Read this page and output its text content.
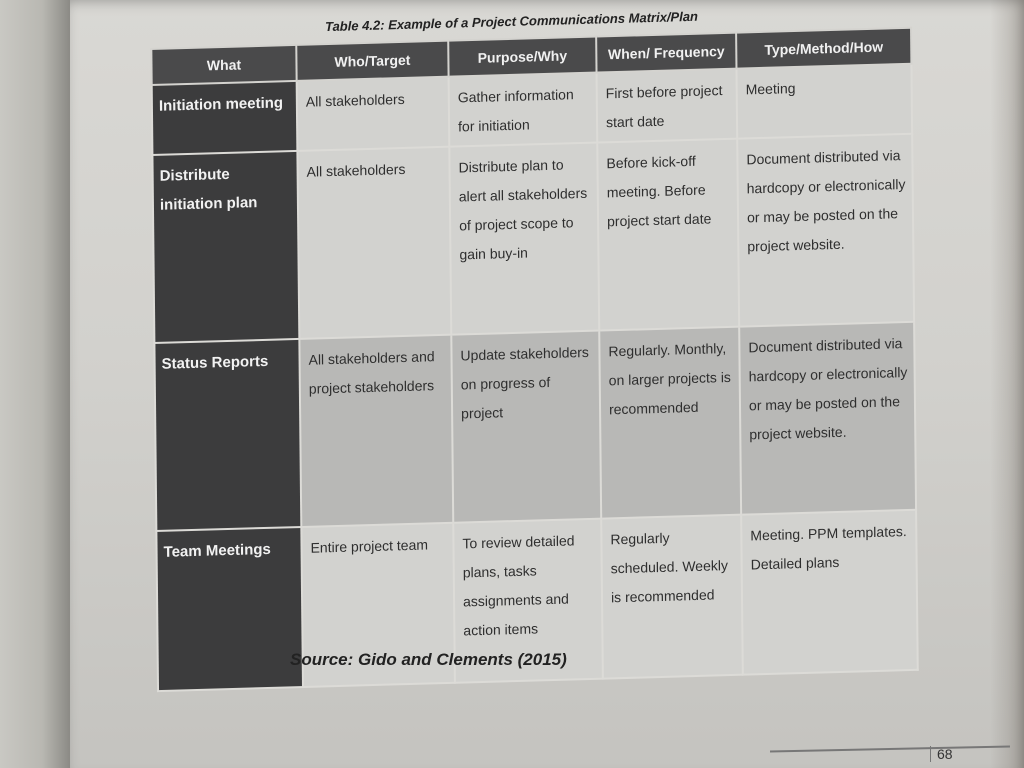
Table 4.2: Example of a Project Communications Matrix/Plan
What	Who/Target	Purpose/Why	When/ Frequency	Type/Method/How
Initiation meeting	All stakeholders	Gather information for initiation	First before project start date	Meeting
Distribute initiation plan	All stakeholders	Distribute plan to alert all stakeholders of project scope to gain buy-in	Before kick-off meeting. Before project start date	Document distributed via hardcopy or electronically or may be posted on the project website.
Status Reports	All stakeholders and project stakeholders	Update stakeholders on progress of project	Regularly. Monthly, on larger projects is recommended	Document distributed via hardcopy or electronically or may be posted on the project website.
Team Meetings	Entire project team	To review detailed plans, tasks assignments and action items	Regularly scheduled. Weekly is recommended	Meeting. PPM templates. Detailed plans
Source: Gido and Clements (2015)
68
